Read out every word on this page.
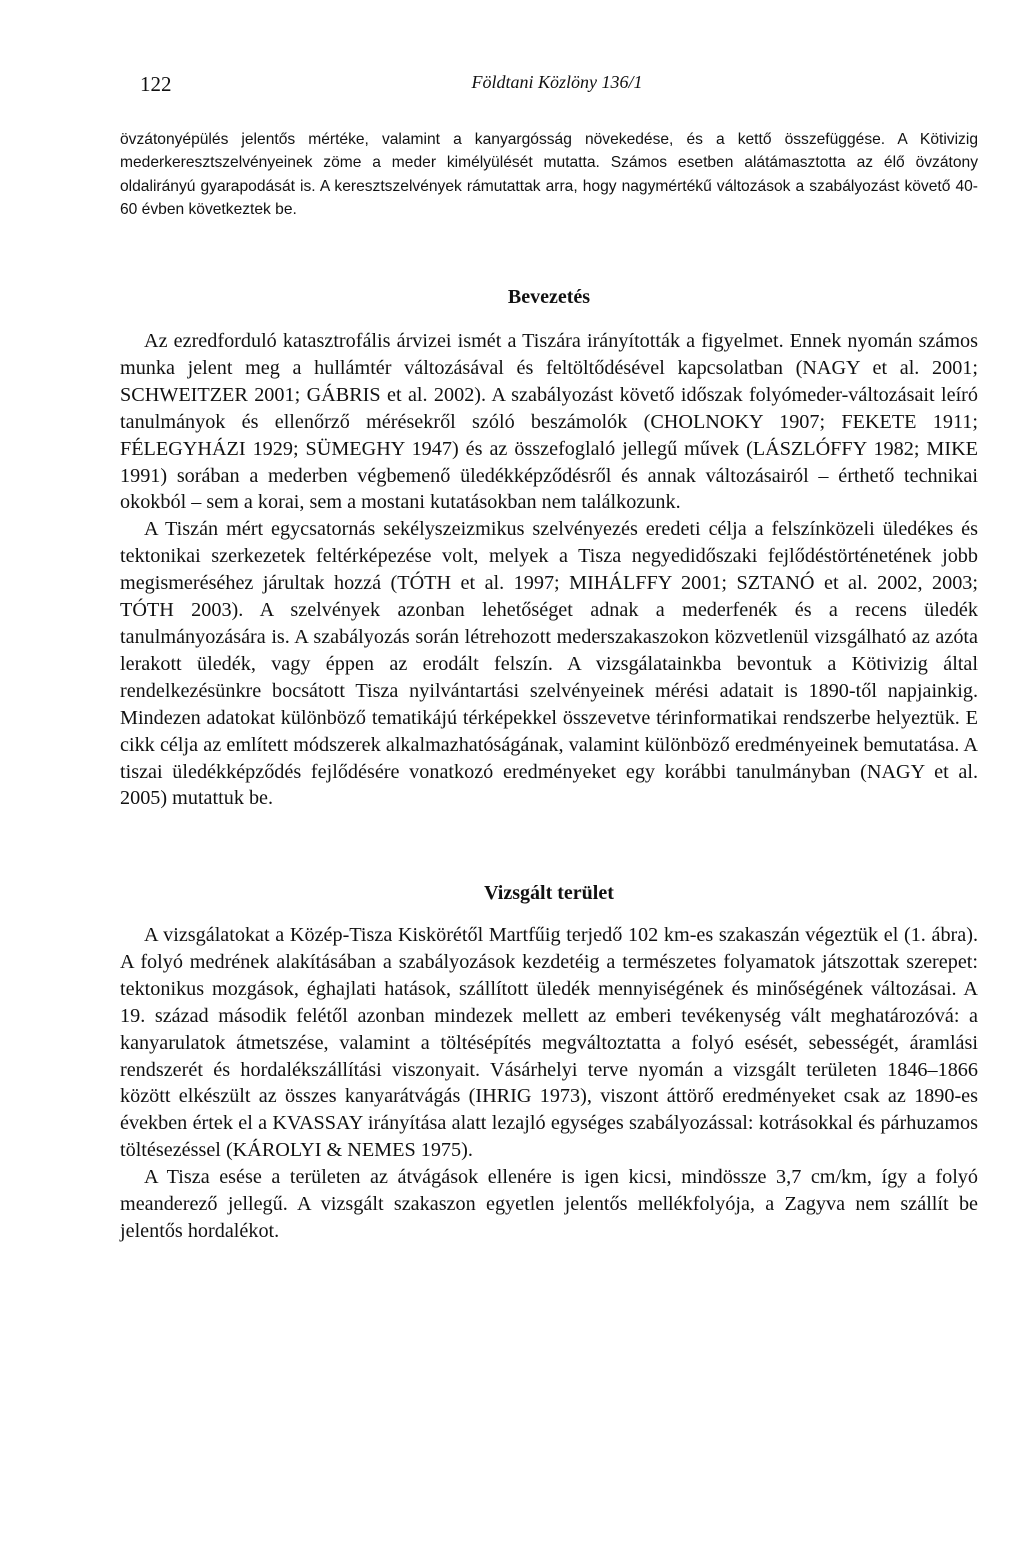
122	Földtani Közlöny 136/1

övzátonyépülés jelentős mértéke, valamint a kanyargósság növekedése, és a kettő összefüggése. A Kötivizig mederkeresztszelvényeinek zöme a meder kimélyülését mutatta. Számos esetben alátámasztotta az élő övzátony oldalirányú gyarapodását is. A keresztszelvények rámutattak arra, hogy nagymértékű változások a szabályozást követő 40-60 évben következtek be.

Bevezetés

Az ezredforduló katasztrofális árvizei ismét a Tiszára irányították a figyelmet. Ennek nyomán számos munka jelent meg a hullámtér változásával és feltöltődésével kapcsolatban (NAGY et al. 2001; SCHWEITZER 2001; GÁBRIS et al. 2002). A szabályozást követő időszak folyómeder-változásait leíró tanulmányok és ellenőrző mérésekről szóló beszámolók (CHOLNOKY 1907; FEKETE 1911; FÉLEGYHÁZI 1929; SÜMEGHY 1947) és az összefoglaló jellegű művek (LÁSZLÓFFY 1982; MIKE 1991) sorában a mederben végbemenő üledékképződésről és annak változásairól – érthető technikai okokból – sem a korai, sem a mostani kutatásokban nem találkozunk.

A Tiszán mért egycsatornás sekélyszeizmikus szelvényezés eredeti célja a felszínközeli üledékes és tektonikai szerkezetek feltérképezése volt, melyek a Tisza negyedidőszaki fejlődéstörténetének jobb megismeréséhez járultak hozzá (TÓTH et al. 1997; MIHÁLFFY 2001; SZTANÓ et al. 2002, 2003; TÓTH 2003). A szelvények azonban lehetőséget adnak a mederfenék és a recens üledék tanulmányozására is. A szabályozás során létrehozott mederszakaszokon közvetlenül vizsgálható az azóta lerakott üledék, vagy éppen az erodált felszín. A vizsgálatainkba bevontuk a Kötivizig által rendelkezésünkre bocsátott Tisza nyilvántartási szelvényeinek mérési adatait is 1890-től napjainkig. Mindezen adatokat különböző tematikájú térképekkel összevetve térinformatikai rendszerbe helyeztük. E cikk célja az említett módszerek alkalmazhatóságának, valamint különböző eredményeinek bemutatása. A tiszai üledékképződés fejlődésére vonatkozó eredményeket egy korábbi tanulmányban (NAGY et al. 2005) mutattuk be.

Vizsgált terület

A vizsgálatokat a Közép-Tisza Kiskörétől Martfűig terjedő 102 km-es szakaszán végeztük el (1. ábra). A folyó medrének alakításában a szabályozások kezdetéig a természetes folyamatok játszottak szerepet: tektonikus mozgások, éghajlati hatások, szállított üledék mennyiségének és minőségének változásai. A 19. század második felétől azonban mindezek mellett az emberi tevékenység vált meghatározóvá: a kanyarulatok átmetszése, valamint a töltésépítés megváltoztatta a folyó esését, sebességét, áramlási rendszerét és hordalékszállítási viszonyait. Vásárhelyi terve nyomán a vizsgált területen 1846–1866 között elkészült az összes kanyarátvágás (IHRIG 1973), viszont áttörő eredményeket csak az 1890-es években értek el a KVASSAY irányítása alatt lezajló egységes szabályozással: kotrásokkal és párhuzamos töltésezéssel (KÁROLYI & NEMES 1975).

A Tisza esése a területen az átvágások ellenére is igen kicsi, mindössze 3,7 cm/km, így a folyó meanderező jellegű. A vizsgált szakaszon egyetlen jelentős mellékfolyója, a Zagyva nem szállít be jelentős hordalékot.
